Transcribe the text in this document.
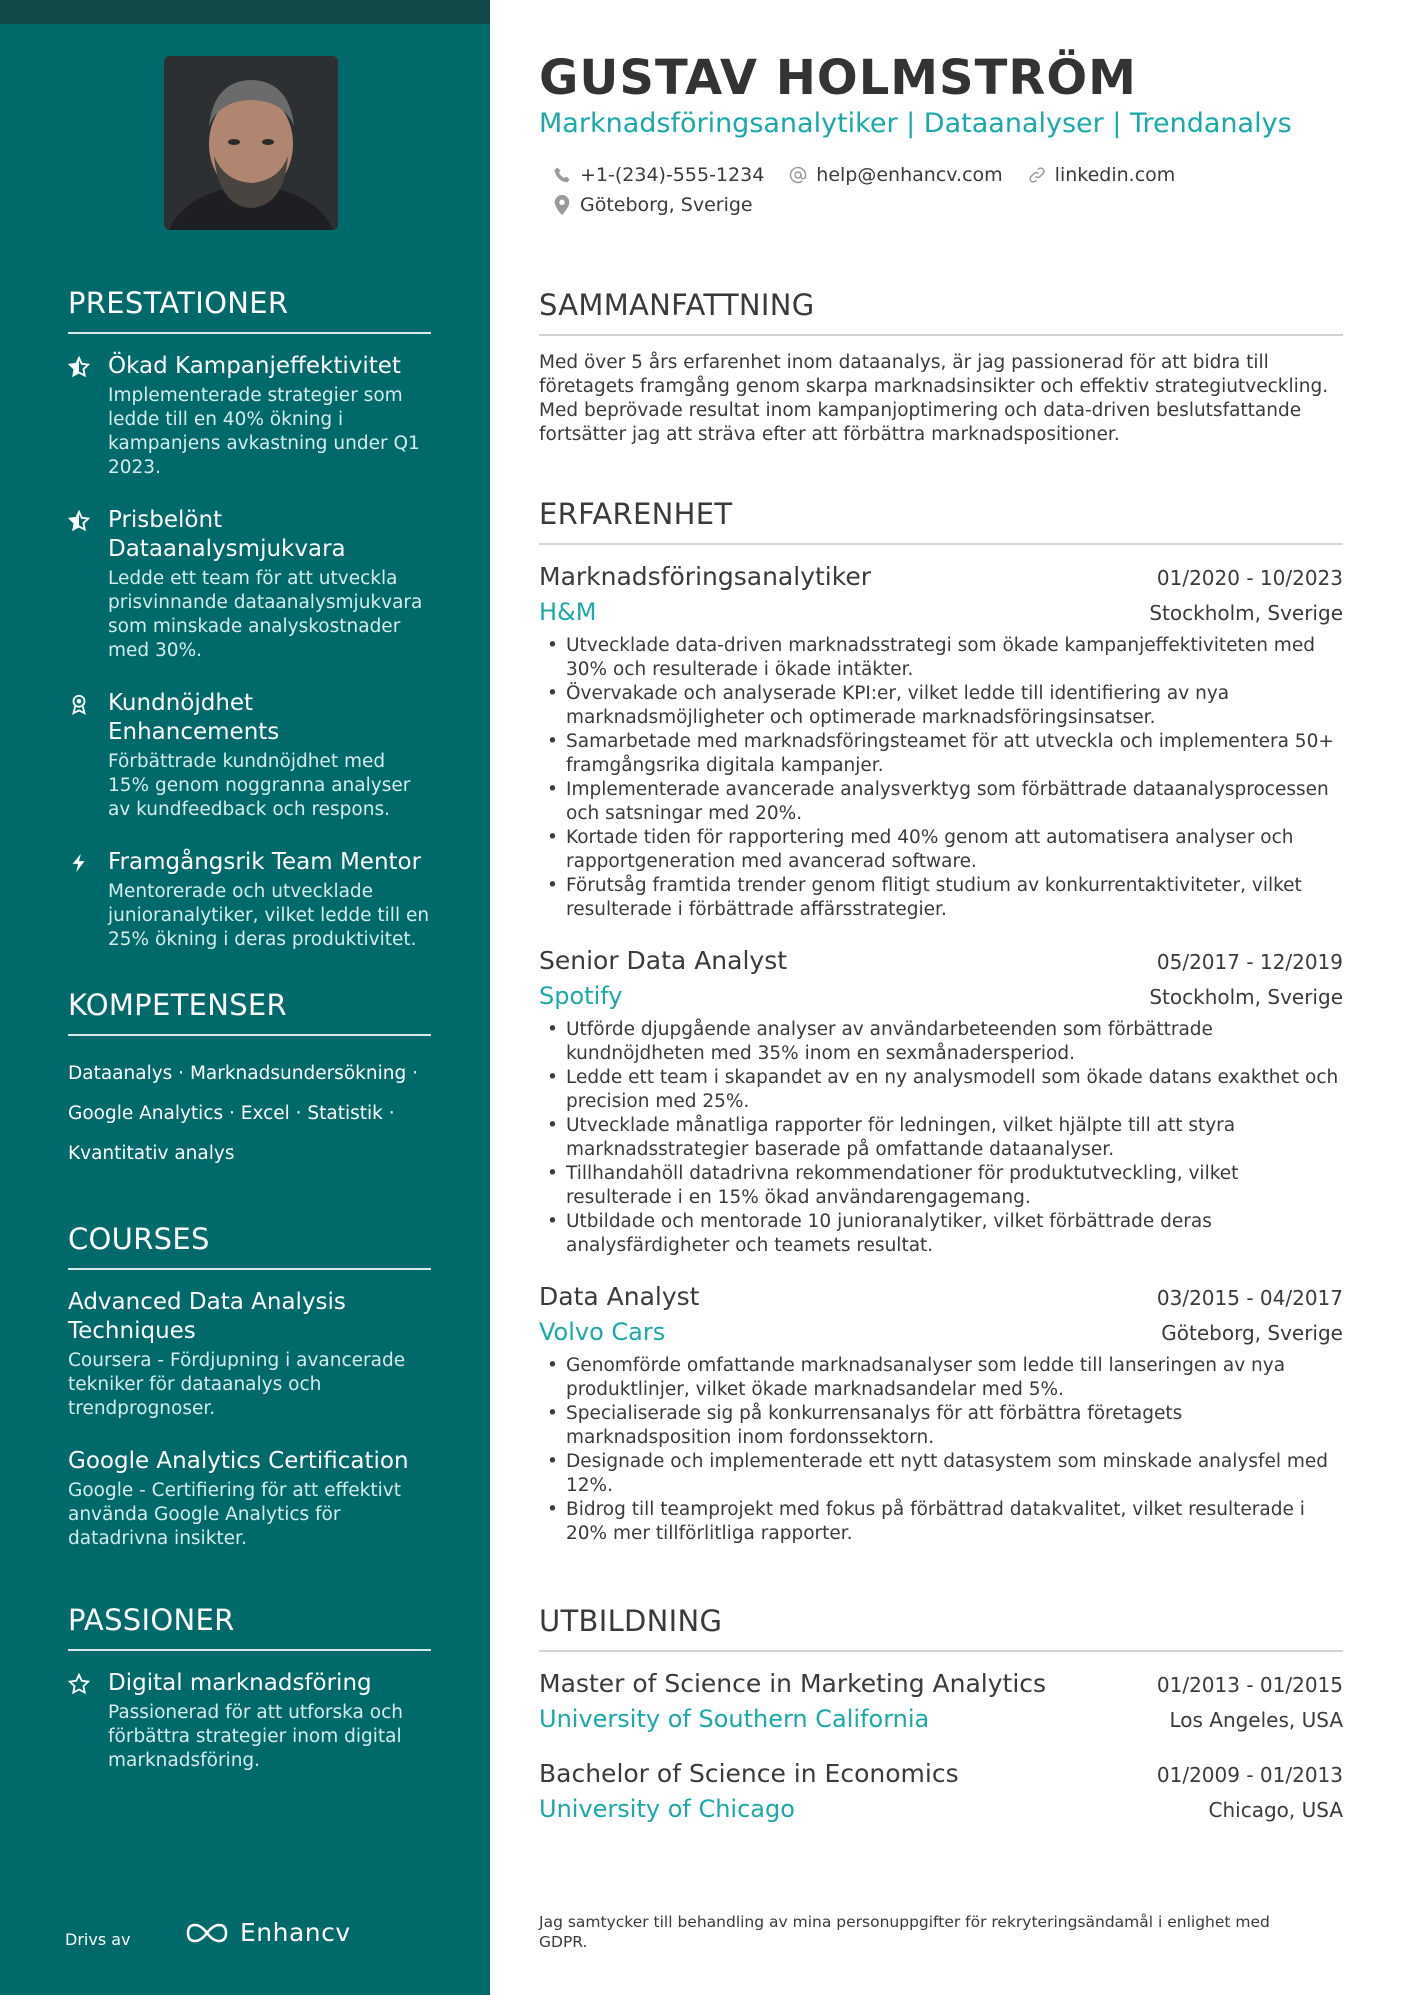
PRESTATIONER
Ökad Kampanjeffektivitet
Implementerade strategier som ledde till en 40% ökning i kampanjens avkastning under Q1 2023.
Prisbelönt Dataanalysmjukvara
Ledde ett team för att utveckla prisvinnande dataanalysmjukvara som minskade analyskostnader med 30%.
Kundnöjdhet Enhancements
Förbättrade kundnöjdhet med 15% genom noggranna analyser av kundfeedback och respons.
Framgångsrik Team Mentor
Mentorerade och utvecklade junioranalytiker, vilket ledde till en 25% ökning i deras produktivitet.
KOMPETENSER
Dataanalys · Marknadsundersökning ·
Google Analytics · Excel · Statistik ·
Kvantitativ analys
COURSES
Advanced Data Analysis Techniques
Coursera - Fördjupning i avancerade tekniker för dataanalys och trendprognoser.
Google Analytics Certification
Google - Certifiering för att effektivt använda Google Analytics för datadrivna insikter.
PASSIONER
Digital marknadsföring
Passionerad för att utforska och förbättra strategier inom digital marknadsföring.
Drivs av	Enhancv
GUSTAV HOLMSTRÖM
Marknadsföringsanalytiker | Dataanalyser | Trendanalys
+1-(234)-555-1234	help@enhancv.com	linkedin.com
Göteborg, Sverige
SAMMANFATTNING
Med över 5 års erfarenhet inom dataanalys, är jag passionerad för att bidra till företagets framgång genom skarpa marknadsinsikter och effektiv strategiutveckling. Med beprövade resultat inom kampanjoptimering och data-driven beslutsfattande fortsätter jag att sträva efter att förbättra marknadspositioner.
ERFARENHET
Marknadsföringsanalytiker	01/2020 - 10/2023
H&M	Stockholm, Sverige
• Utvecklade data-driven marknadsstrategi som ökade kampanjeffektiviteten med 30% och resulterade i ökade intäkter.
• Övervakade och analyserade KPI:er, vilket ledde till identifiering av nya marknadsmöjligheter och optimerade marknadsföringsinsatser.
• Samarbetade med marknadsföringsteamet för att utveckla och implementera 50+ framgångsrika digitala kampanjer.
• Implementerade avancerade analysverktyg som förbättrade dataanalysprocessen och satsningar med 20%.
• Kortade tiden för rapportering med 40% genom att automatisera analyser och rapportgeneration med avancerad software.
• Förutsåg framtida trender genom flitigt studium av konkurrentaktiviteter, vilket resulterade i förbättrade affärsstrategier.
Senior Data Analyst	05/2017 - 12/2019
Spotify	Stockholm, Sverige
• Utförde djupgående analyser av användarbeteenden som förbättrade kundnöjdheten med 35% inom en sexmånadersperiod.
• Ledde ett team i skapandet av en ny analysmodell som ökade datans exakthet och precision med 25%.
• Utvecklade månatliga rapporter för ledningen, vilket hjälpte till att styra marknadsstrategier baserade på omfattande dataanalyser.
• Tillhandahöll datadrivna rekommendationer för produktutveckling, vilket resulterade i en 15% ökad användarengagemang.
• Utbildade och mentorade 10 junioranalytiker, vilket förbättrade deras analysfärdigheter och teamets resultat.
Data Analyst	03/2015 - 04/2017
Volvo Cars	Göteborg, Sverige
• Genomförde omfattande marknadsanalyser som ledde till lanseringen av nya produktlinjer, vilket ökade marknadsandelar med 5%.
• Specialiserade sig på konkurrensanalys för att förbättra företagets marknadsposition inom fordonssektorn.
• Designade och implementerade ett nytt datasystem som minskade analysfel med 12%.
• Bidrog till teamprojekt med fokus på förbättrad datakvalitet, vilket resulterade i 20% mer tillförlitliga rapporter.
UTBILDNING
Master of Science in Marketing Analytics	01/2013 - 01/2015
University of Southern California	Los Angeles, USA
Bachelor of Science in Economics	01/2009 - 01/2013
University of Chicago	Chicago, USA
Jag samtycker till behandling av mina personuppgifter för rekryteringsändamål i enlighet med GDPR.
